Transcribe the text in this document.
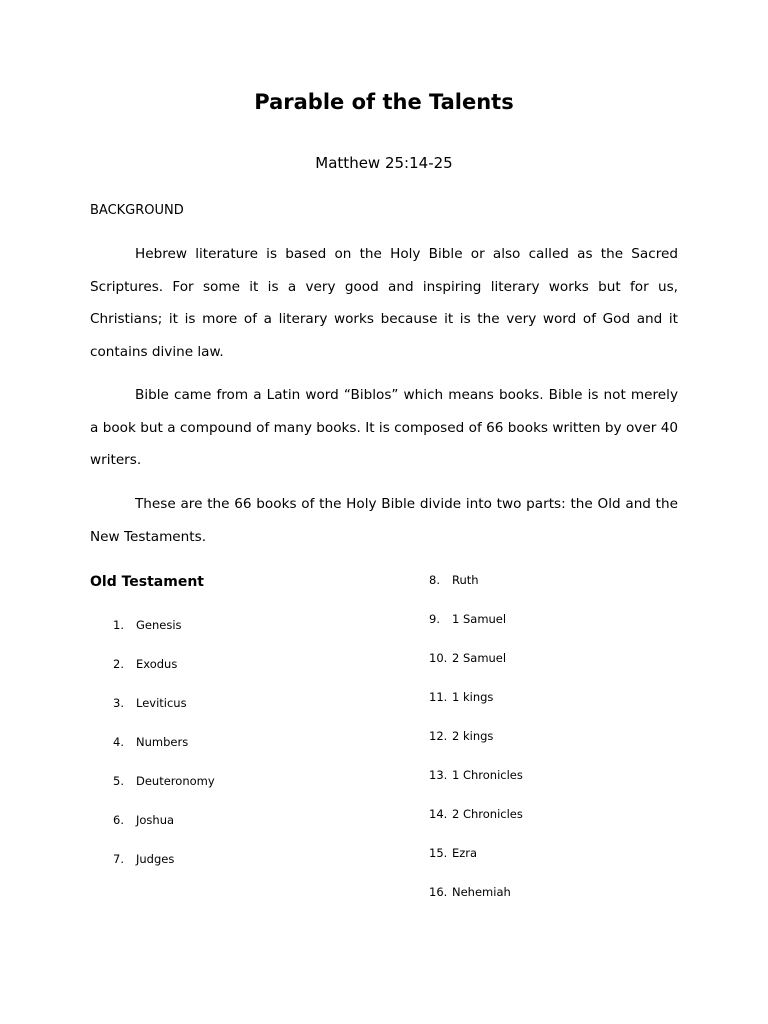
Parable of the Talents
Matthew 25:14-25
BACKGROUND

Hebrew literature is based on the Holy Bible or also called as the Sacred Scriptures. For some it is a very good and inspiring literary works but for us, Christians; it is more of a literary works because it is the very word of God and it contains divine law.

Bible came from a Latin word “Biblos” which means books. Bible is not merely a book but a compound of many books. It is composed of 66 books written by over 40 writers.

These are the 66 books of the Holy Bible divide into two parts: the Old and the New Testaments.

Old Testament
1. Genesis
2. Exodus
3. Leviticus
4. Numbers
5. Deuteronomy
6. Joshua
7. Judges
8. Ruth
9. 1 Samuel
10. 2 Samuel
11. 1 kings
12. 2 kings
13. 1 Chronicles
14. 2 Chronicles
15. Ezra
16. Nehemiah
